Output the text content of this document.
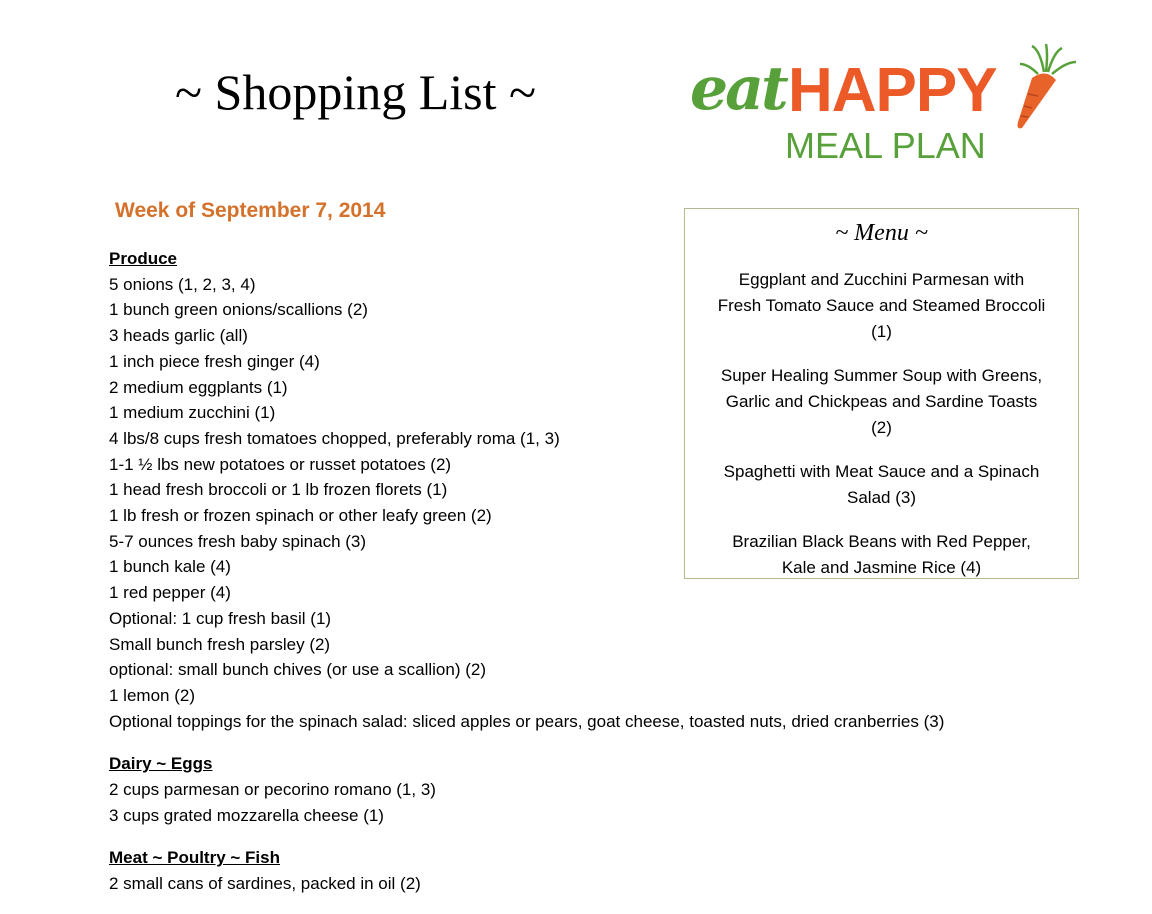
~ Shopping List ~	eat HAPPY
MEAL PLAN
Week of September 7, 2014
Produce
5 onions (1, 2, 3, 4)
1 bunch green onions/scallions (2)
3 heads garlic (all)
1 inch piece fresh ginger (4)
2 medium eggplants (1)
1 medium zucchini (1)
4 lbs/8 cups fresh tomatoes chopped, preferably roma (1, 3)
1-1 ½ lbs new potatoes or russet potatoes (2)
1 head fresh broccoli or 1 lb frozen florets (1)
1 lb fresh or frozen spinach or other leafy green (2)
5-7 ounces fresh baby spinach (3)
1 bunch kale (4)
1 red pepper (4)
Optional: 1 cup fresh basil (1)
Small bunch fresh parsley (2)
optional: small bunch chives (or use a scallion) (2)
1 lemon (2)
Optional toppings for the spinach salad: sliced apples or pears, goat cheese, toasted nuts, dried cranberries (3)
Dairy ~ Eggs
2 cups parmesan or pecorino romano (1, 3)
3 cups grated mozzarella cheese (1)
Meat ~ Poultry ~ Fish
2 small cans of sardines, packed in oil (2)
~ Menu ~
Eggplant and Zucchini Parmesan with
Fresh Tomato Sauce and Steamed Broccoli
(1)
Super Healing Summer Soup with Greens,
Garlic and Chickpeas and Sardine Toasts
(2)
Spaghetti with Meat Sauce and a Spinach
Salad (3)
Brazilian Black Beans with Red Pepper,
Kale and Jasmine Rice (4)
